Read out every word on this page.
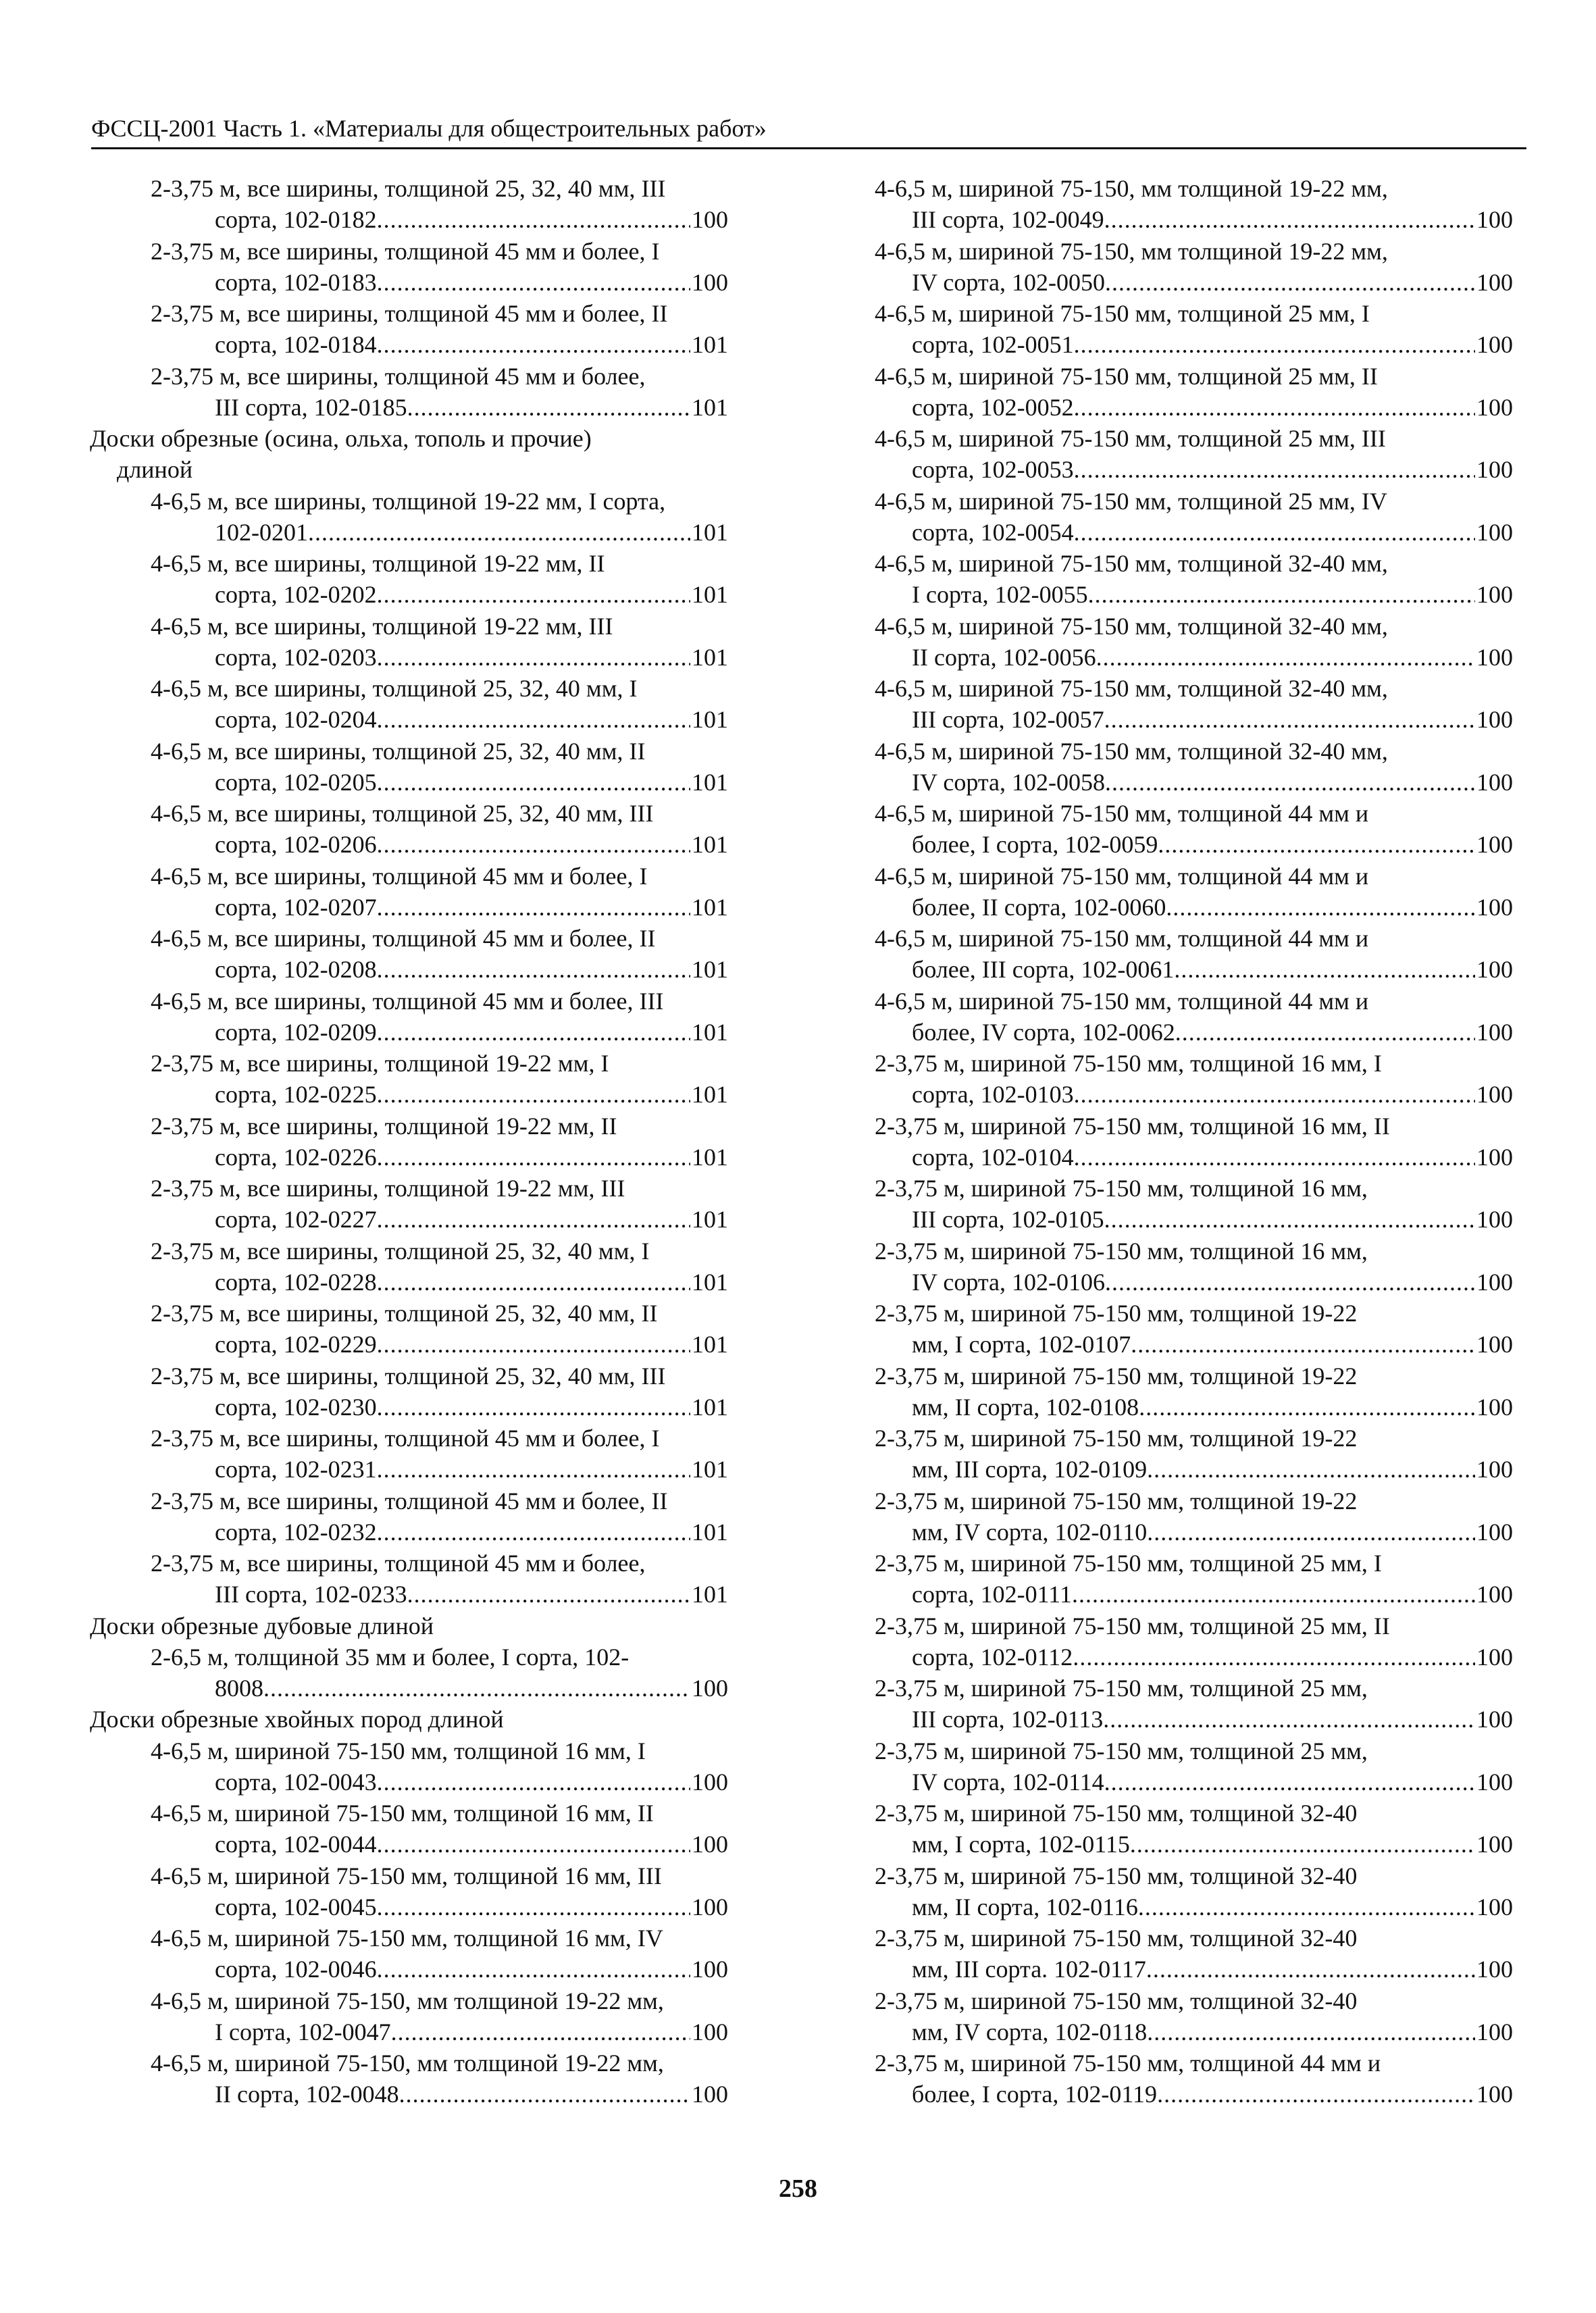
ФССЦ-2001 Часть 1. «Материалы для общестроительных работ»
2-3,75 м, все ширины, толщиной 25, 32, 40 мм, III
сорта, 102-0182 .....	100
2-3,75 м, все ширины, толщиной 45 мм и более, I
сорта, 102-0183 .....	100
2-3,75 м, все ширины, толщиной 45 мм и более, II
сорта, 102-0184 .....	101
2-3,75 м, все ширины, толщиной 45 мм и более,
III сорта, 102-0185 .....	101
Доски обрезные (осина, ольха, тополь и прочие)
длиной
4-6,5 м, все ширины, толщиной 19-22 мм, I сорта,
102-0201 .....	101
4-6,5 м, все ширины, толщиной 19-22 мм, II
сорта, 102-0202 .....	101
4-6,5 м, все ширины, толщиной 19-22 мм, III
сорта, 102-0203 .....	101
4-6,5 м, все ширины, толщиной 25, 32, 40 мм, I
сорта, 102-0204 .....	101
4-6,5 м, все ширины, толщиной 25, 32, 40 мм, II
сорта, 102-0205 .....	101
4-6,5 м, все ширины, толщиной 25, 32, 40 мм, III
сорта, 102-0206 .....	101
4-6,5 м, все ширины, толщиной 45 мм и более, I
сорта, 102-0207 .....	101
4-6,5 м, все ширины, толщиной 45 мм и более, II
сорта, 102-0208 .....	101
4-6,5 м, все ширины, толщиной 45 мм и более, III
сорта, 102-0209 .....	101
2-3,75 м, все ширины, толщиной 19-22 мм, I
сорта, 102-0225 .....	101
2-3,75 м, все ширины, толщиной 19-22 мм, II
сорта, 102-0226 .....	101
2-3,75 м, все ширины, толщиной 19-22 мм, III
сорта, 102-0227 .....	101
2-3,75 м, все ширины, толщиной 25, 32, 40 мм, I
сорта, 102-0228 .....	101
2-3,75 м, все ширины, толщиной 25, 32, 40 мм, II
сорта, 102-0229 .....	101
2-3,75 м, все ширины, толщиной 25, 32, 40 мм, III
сорта, 102-0230 .....	101
2-3,75 м, все ширины, толщиной 45 мм и более, I
сорта, 102-0231 .....	101
2-3,75 м, все ширины, толщиной 45 мм и более, II
сорта, 102-0232 .....	101
2-3,75 м, все ширины, толщиной 45 мм и более,
III сорта, 102-0233 .....	101
Доски обрезные дубовые длиной
2-6,5 м, толщиной 35 мм и более, I сорта, 102-
8008 .....	100
Доски обрезные хвойных пород длиной
4-6,5 м, шириной 75-150 мм, толщиной 16 мм, I
сорта, 102-0043 .....	100
4-6,5 м, шириной 75-150 мм, толщиной 16 мм, II
сорта, 102-0044 .....	100
4-6,5 м, шириной 75-150 мм, толщиной 16 мм, III
сорта, 102-0045 .....	100
4-6,5 м, шириной 75-150 мм, толщиной 16 мм, IV
сорта, 102-0046 .....	100
4-6,5 м, шириной 75-150, мм толщиной 19-22 мм,
I сорта, 102-0047 .....	100
4-6,5 м, шириной 75-150, мм толщиной 19-22 мм,
II сорта, 102-0048 .....	100
4-6,5 м, шириной 75-150, мм толщиной 19-22 мм,
III сорта, 102-0049 .....	100
4-6,5 м, шириной 75-150, мм толщиной 19-22 мм,
IV сорта, 102-0050 .....	100
4-6,5 м, шириной 75-150 мм, толщиной 25 мм, I
сорта, 102-0051 .....	100
4-6,5 м, шириной 75-150 мм, толщиной 25 мм, II
сорта, 102-0052 .....	100
4-6,5 м, шириной 75-150 мм, толщиной 25 мм, III
сорта, 102-0053 .....	100
4-6,5 м, шириной 75-150 мм, толщиной 25 мм, IV
сорта, 102-0054 .....	100
4-6,5 м, шириной 75-150 мм, толщиной 32-40 мм,
I сорта, 102-0055 .....	100
4-6,5 м, шириной 75-150 мм, толщиной 32-40 мм,
II сорта, 102-0056 .....	100
4-6,5 м, шириной 75-150 мм, толщиной 32-40 мм,
III сорта, 102-0057 .....	100
4-6,5 м, шириной 75-150 мм, толщиной 32-40 мм,
IV сорта, 102-0058 .....	100
4-6,5 м, шириной 75-150 мм, толщиной 44 мм и
более, I сорта, 102-0059 .....	100
4-6,5 м, шириной 75-150 мм, толщиной 44 мм и
более, II сорта, 102-0060 .....	100
4-6,5 м, шириной 75-150 мм, толщиной 44 мм и
более, III сорта, 102-0061 .....	100
4-6,5 м, шириной 75-150 мм, толщиной 44 мм и
более, IV сорта, 102-0062 .....	100
2-3,75 м, шириной 75-150 мм, толщиной 16 мм, I
сорта, 102-0103 .....	100
2-3,75 м, шириной 75-150 мм, толщиной 16 мм, II
сорта, 102-0104 .....	100
2-3,75 м, шириной 75-150 мм, толщиной 16 мм,
III сорта, 102-0105 .....	100
2-3,75 м, шириной 75-150 мм, толщиной 16 мм,
IV сорта, 102-0106 .....	100
2-3,75 м, шириной 75-150 мм, толщиной 19-22
мм, I сорта, 102-0107 .....	100
2-3,75 м, шириной 75-150 мм, толщиной 19-22
мм, II сорта, 102-0108 .....	100
2-3,75 м, шириной 75-150 мм, толщиной 19-22
мм, III сорта, 102-0109 .....	100
2-3,75 м, шириной 75-150 мм, толщиной 19-22
мм, IV сорта, 102-0110 .....	100
2-3,75 м, шириной 75-150 мм, толщиной 25 мм, I
сорта, 102-0111 .....	100
2-3,75 м, шириной 75-150 мм, толщиной 25 мм, II
сорта, 102-0112 .....	100
2-3,75 м, шириной 75-150 мм, толщиной 25 мм,
III сорта, 102-0113 .....	100
2-3,75 м, шириной 75-150 мм, толщиной 25 мм,
IV сорта, 102-0114 .....	100
2-3,75 м, шириной 75-150 мм, толщиной 32-40
мм, I сорта, 102-0115 .....	100
2-3,75 м, шириной 75-150 мм, толщиной 32-40
мм, II сорта, 102-0116 .....	100
2-3,75 м, шириной 75-150 мм, толщиной 32-40
мм, III сорта. 102-0117 .....	100
2-3,75 м, шириной 75-150 мм, толщиной 32-40
мм, IV сорта, 102-0118 .....	100
2-3,75 м, шириной 75-150 мм, толщиной 44 мм и
более, I сорта, 102-0119 .....	100
258
